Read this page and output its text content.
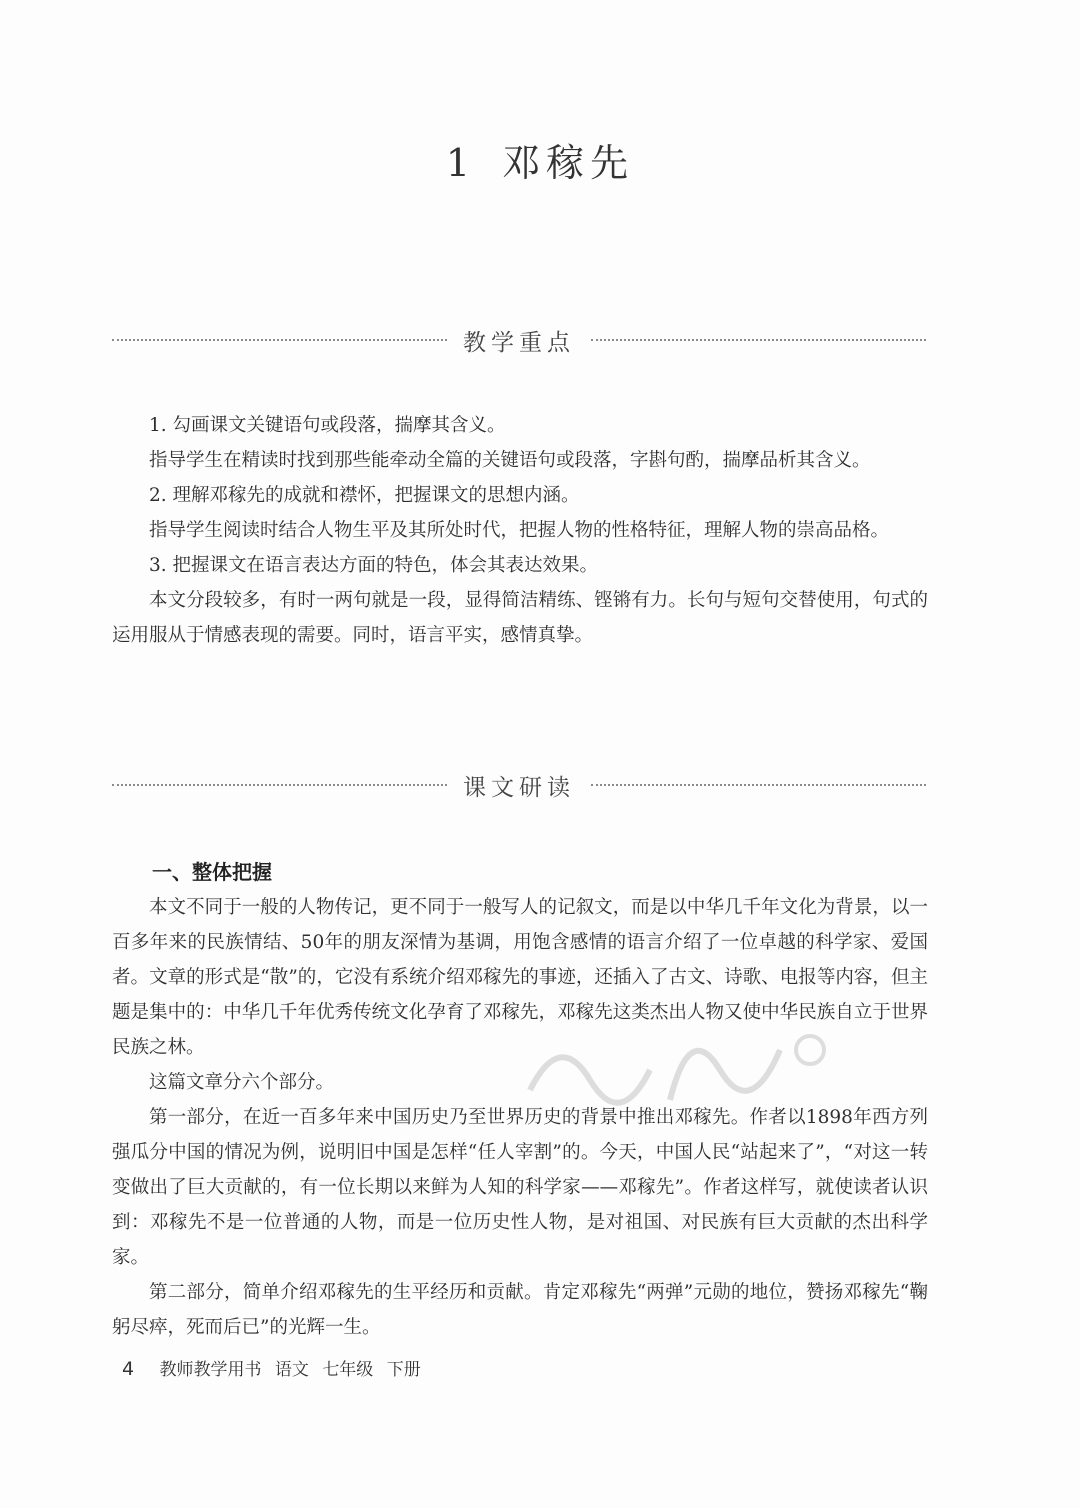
1 邓稼先
教学重点

1. 勾画课文关键语句或段落，揣摩其含义。

指导学生在精读时找到那些能牵动全篇的关键语句或段落，字斟句酌，揣摩品析其含义。

2. 理解邓稼先的成就和襟怀，把握课文的思想内涵。

指导学生阅读时结合人物生平及其所处时代，把握人物的性格特征，理解人物的崇高品格。

3. 把握课文在语言表达方面的特色，体会其表达效果。

本文分段较多，有时一两句就是一段，显得简洁精练、铿锵有力。长句与短句交替使用，句式的运用服从于情感表现的需要。同时，语言平实，感情真挚。

课文研读
一、整体把握

本文不同于一般的人物传记，更不同于一般写人的记叙文，而是以中华几千年文化为背景，以一百多年来的民族情结、50年的朋友深情为基调，用饱含感情的语言介绍了一位卓越的科学家、爱国者。文章的形式是“散”的，它没有系统介绍邓稼先的事迹，还插入了古文、诗歌、电报等内容，但主题是集中的：中华几千年优秀传统文化孕育了邓稼先，邓稼先这类杰出人物又使中华民族自立于世界民族之林。

这篇文章分六个部分。

第一部分，在近一百多年来中国历史乃至世界历史的背景中推出邓稼先。作者以1898年西方列强瓜分中国的情况为例，说明旧中国是怎样“任人宰割”的。今天，中国人民“站起来了”，“对这一转变做出了巨大贡献的，有一位长期以来鲜为人知的科学家——邓稼先”。作者这样写，就使读者认识到：邓稼先不是一位普通的人物，而是一位历史性人物，是对祖国、对民族有巨大贡献的杰出科学家。

第二部分，简单介绍邓稼先的生平经历和贡献。肯定邓稼先“两弹”元勋的地位，赞扬邓稼先“鞠躬尽瘁，死而后已”的光辉一生。

4 教师教学用书 语文 七年级 下册
